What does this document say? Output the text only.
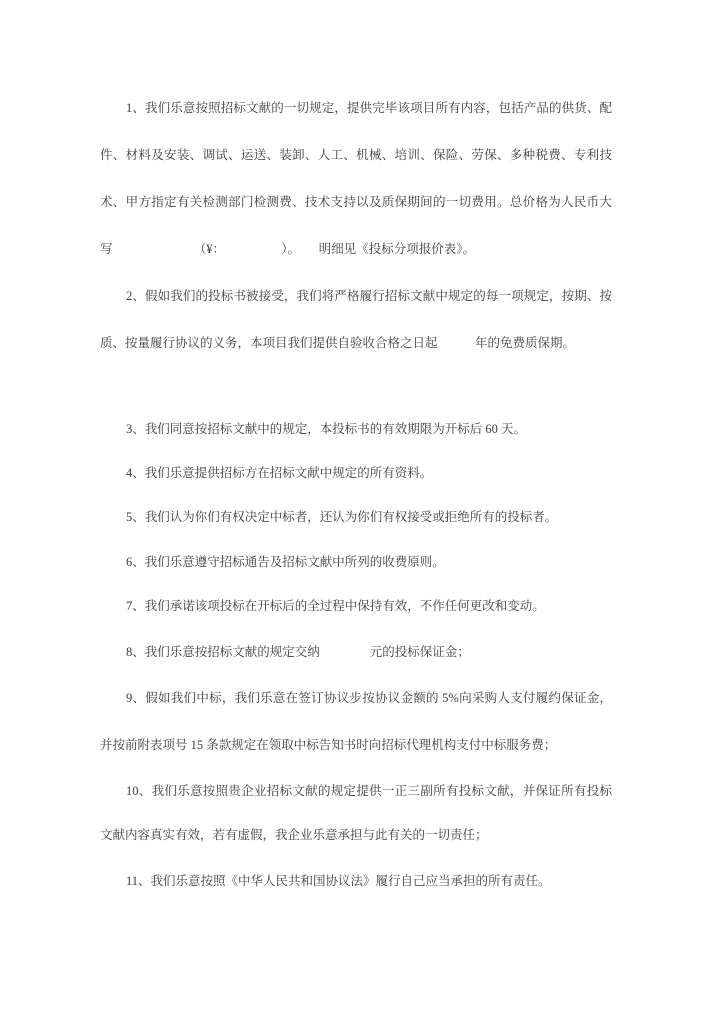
1、我们乐意按照招标文献的一切规定，提供完毕该项目所有内容，包括产品的供货、配
件、材料及安装、调试、运送、装卸、人工、机械、培训、保险、劳保、多种税费、专利技
术、甲方指定有关检测部门检测费、技术支持以及质保期间的一切费用。总价格为人民币大
写　　　　　　　（¥：　　　　　）。　　明细见《投标分项报价表》。
2、假如我们的投标书被接受，我们将严格履行招标文献中规定的每一项规定，按期、按
质、按量履行协议的义务，本项目我们提供自验收合格之日起　　　年的免费质保期。
3、我们同意按招标文献中的规定，本投标书的有效期限为开标后 60 天。
4、我们乐意提供招标方在招标文献中规定的所有资料。
5、我们认为你们有权决定中标者，还认为你们有权接受或拒绝所有的投标者。
6、我们乐意遵守招标通告及招标文献中所列的收费原则。
7、我们承诺该项投标在开标后的全过程中保持有效，不作任何更改和变动。
8、我们乐意按招标文献的规定交纳　　　　元的投标保证金；
9、假如我们中标，我们乐意在签订协议步按协议金额的 5%向采购人支付履约保证金，
并按前附表项号 15 条款规定在领取中标告知书时向招标代理机构支付中标服务费；
10、我们乐意按照贵企业招标文献的规定提供一正三副所有投标文献，并保证所有投标
文献内容真实有效，若有虚假，我企业乐意承担与此有关的一切责任；
11、我们乐意按照《中华人民共和国协议法》履行自己应当承担的所有责任。
